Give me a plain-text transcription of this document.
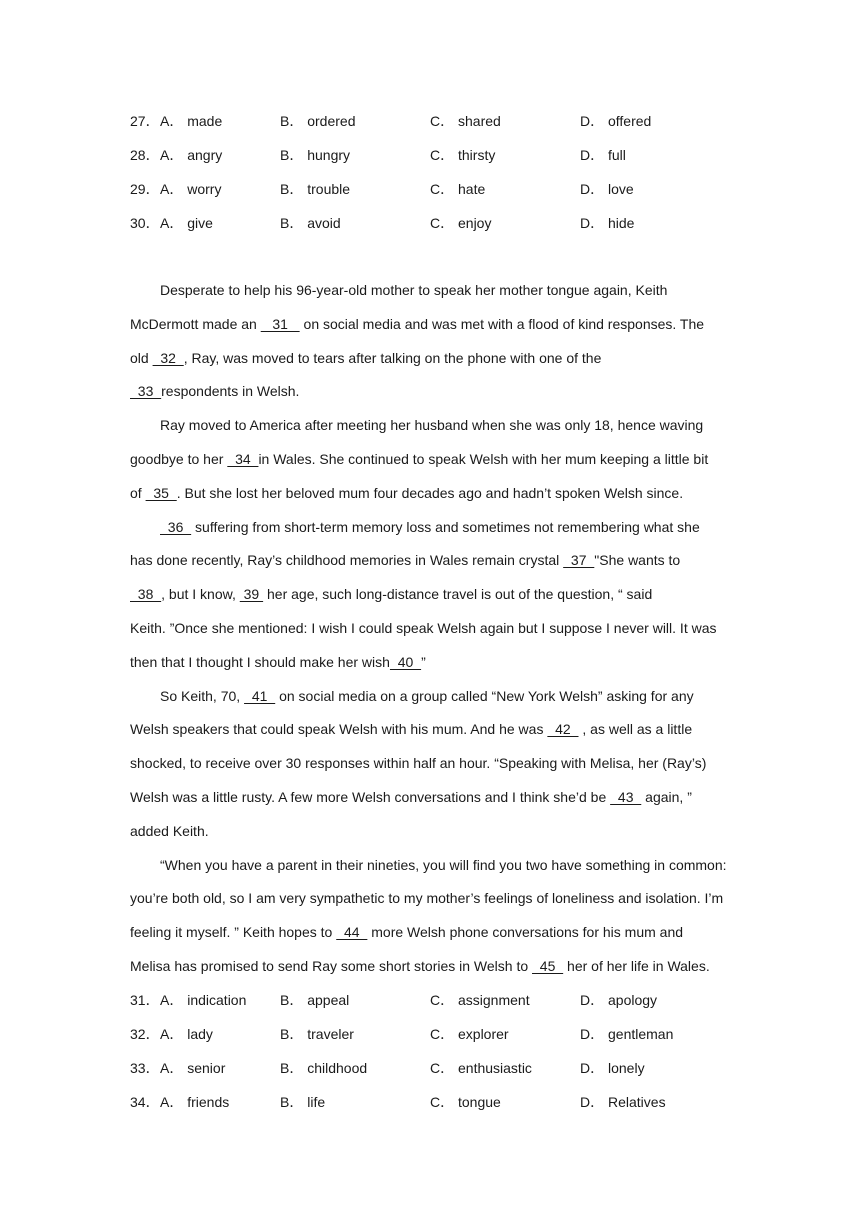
27． A． made	B． ordered	C． shared	D． offered
28． A． angry	B． hungry	C． thirsty	D． full
29． A． worry	B． trouble	C． hate	D． love
30． A． give	B． avoid	C． enjoy	D． hide
Desperate to help his 96-year-old mother to speak her mother tongue again, Keith
McDermott made an    31    on social media and was met with a flood of kind responses. The
old   32  , Ray, was moved to tears after talking on the phone with one of the
33  respondents in Welsh.
Ray moved to America after meeting her husband when she was only 18, hence waving
goodbye to her   34  in Wales. She continued to speak Welsh with her mum keeping a little bit
of   35  . But she lost her beloved mum four decades ago and hadn’t spoken Welsh since.
36   suffering from short-term memory loss and sometimes not remembering what she
has done recently, Ray’s childhood memories in Wales remain crystal   37  "She wants to
38  , but I know,  39  her age, such long-distance travel is out of the question, “ said
Keith. ”Once she mentioned: I wish I could speak Welsh again but I suppose I never will. It was
then that I thought I should make her wish  40  ”
So Keith, 70,   41   on social media on a group called “New York Welsh” asking for any
Welsh speakers that could speak Welsh with his mum. And he was   42   , as well as a little
shocked, to receive over 30 responses within half an hour. “Speaking with Melisa, her (Ray’s)
Welsh was a little rusty. A few more Welsh conversations and I think she’d be   43   again, ”
added Keith.
“When you have a parent in their nineties, you will find you two have something in common:
you’re both old, so I am very sympathetic to my mother’s feelings of loneliness and isolation. I’m
feeling it myself. ” Keith hopes to   44   more Welsh phone conversations for his mum and
Melisa has promised to send Ray some short stories in Welsh to   45   her of her life in Wales.
31． A． indication B． appeal	C． assignment	D． apology
32． A． lady	B． traveler	C． explorer	D． gentleman
33． A． senior	B． childhood	C． enthusiastic	D． lonely
34． A． friends	B． life	C． tongue	D． Relatives
